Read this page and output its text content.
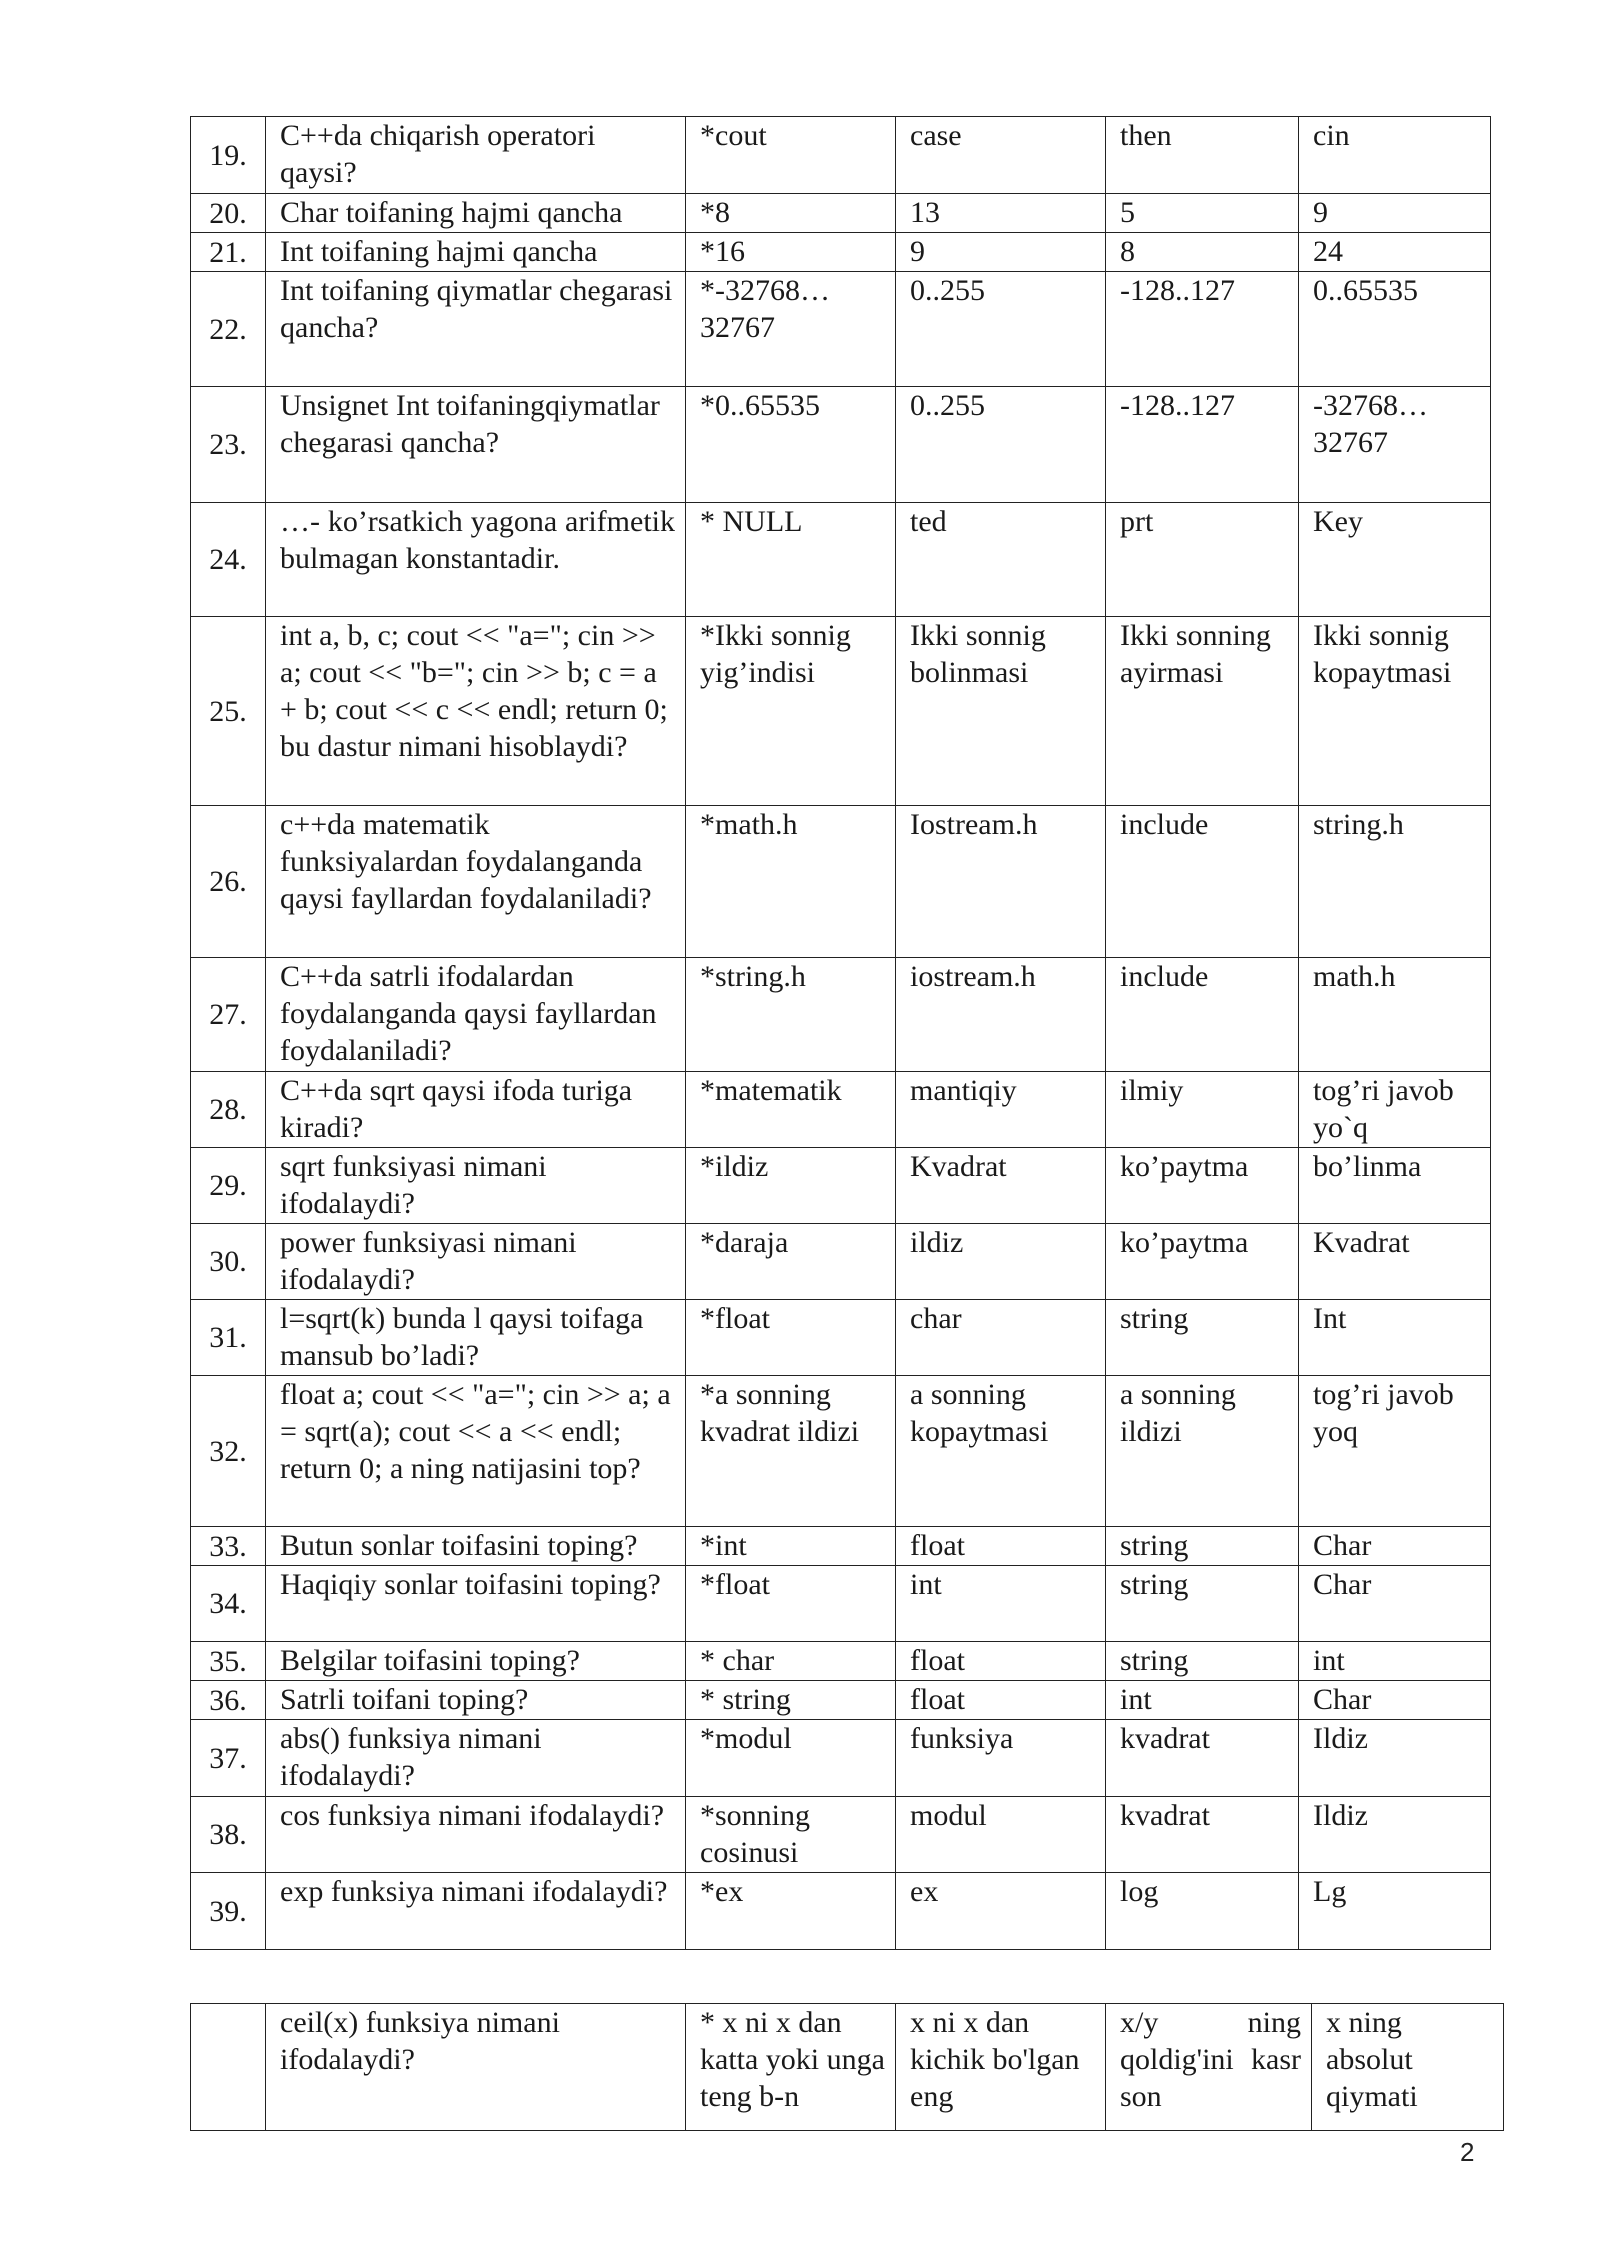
19.	C++da chiqarish operatori qaysi?	*cout	case	then	cin
20.	Char toifaning hajmi qancha	*8	13	5	9
21.	Int toifaning hajmi qancha	*16	9	8	24
22.	Int toifaning qiymatlar chegarasi qancha?	*-32768…32767	0..255	-128..127	0..65535
23.	Unsignet Int toifaningqiymatlar chegarasi qancha?	*0..65535	0..255	-128..127	-32768…32767
24.	…- ko’rsatkich yagona arifmetik bulmagan konstantadir.	* NULL	ted	prt	Key
25.	int a, b, c; cout << "a="; cin >> a; cout << "b="; cin >> b; c = a + b; cout << c << endl; return 0; bu dastur nimani hisoblaydi?	*Ikki sonnig yig’indisi	Ikki sonnig bolinmasi	Ikki sonning ayirmasi	Ikki sonnig kopaytmasi
26.	c++da matematik funksiyalardan foydalanganda qaysi fayllardan foydalaniladi?	*math.h	Iostream.h	include	string.h
27.	C++da satrli ifodalardan foydalanganda qaysi fayllardan foydalaniladi?	*string.h	iostream.h	include	math.h
28.	C++da sqrt qaysi ifoda turiga kiradi?	*matematik	mantiqiy	ilmiy	tog’ri javob yo`q
29.	sqrt funksiyasi nimani ifodalaydi?	*ildiz	Kvadrat	ko’paytma	bo’linma
30.	power funksiyasi nimani ifodalaydi?	*daraja	ildiz	ko’paytma	Kvadrat
31.	l=sqrt(k) bunda l qaysi toifaga mansub bo’ladi?	*float	char	string	Int
32.	float a; cout << "a="; cin >> a; a = sqrt(a); cout << a << endl; return 0; a ning natijasini top?	*a sonning kvadrat ildizi	a sonning kopaytmasi	a sonning ildizi	tog’ri javob yoq
33.	Butun sonlar toifasini toping?	*int	float	string	Char
34.	Haqiqiy sonlar toifasini toping?	*float	int	string	Char
35.	Belgilar toifasini toping?	* char	float	string	int
36.	Satrli toifani toping?	* string	float	int	Char
37.	abs() funksiya nimani ifodalaydi?	*modul	funksiya	kvadrat	Ildiz
38.	cos funksiya nimani ifodalaydi?	*sonning cosinusi	modul	kvadrat	Ildiz
39.	exp funksiya nimani ifodalaydi?	*ex	ex	log	Lg
	ceil(x) funksiya nimani ifodalaydi?	* x ni x dan katta yoki unga teng b-n	x ni x dan kichik bo'lgan eng	x/y ning qoldig'ini kasr son	x ning absolut qiymati
2
